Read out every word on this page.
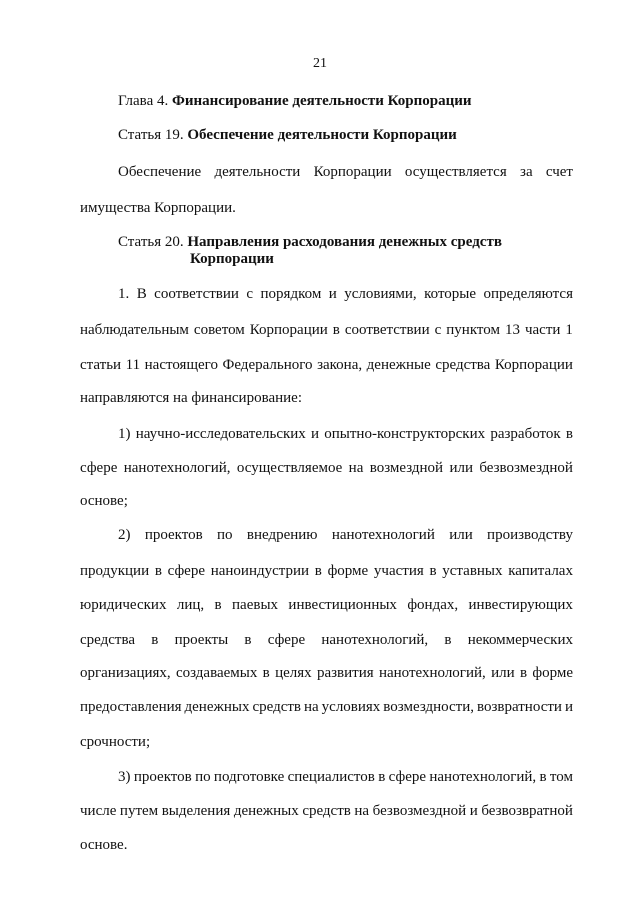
21
Глава 4. Финансирование деятельности Корпорации
Статья 19. Обеспечение деятельности Корпорации
Обеспечение деятельности Корпорации осуществляется за счет
имущества Корпорации.
Статья 20. Направления расходования денежных средств
Корпорации
1. В соответствии с порядком и условиями, которые определяются
наблюдательным советом Корпорации в соответствии с пунктом 13 части 1
статьи 11 настоящего Федерального закона, денежные средства Корпорации
направляются на финансирование:
1) научно-исследовательских и опытно-конструкторских разработок в
сфере нанотехнологий, осуществляемое на возмездной или безвозмездной
основе;
2) проектов по внедрению нанотехнологий или производству
продукции в сфере наноиндустрии в форме участия в уставных капиталах
юридических лиц, в паевых инвестиционных фондах, инвестирующих
средства в проекты в сфере нанотехнологий, в некоммерческих
организациях, создаваемых в целях развития нанотехнологий, или в форме
предоставления денежных средств на условиях возмездности, возвратности и
срочности;
3) проектов по подготовке специалистов в сфере нанотехнологий, в том
числе путем выделения денежных средств на безвозмездной и безвозвратной
основе.
